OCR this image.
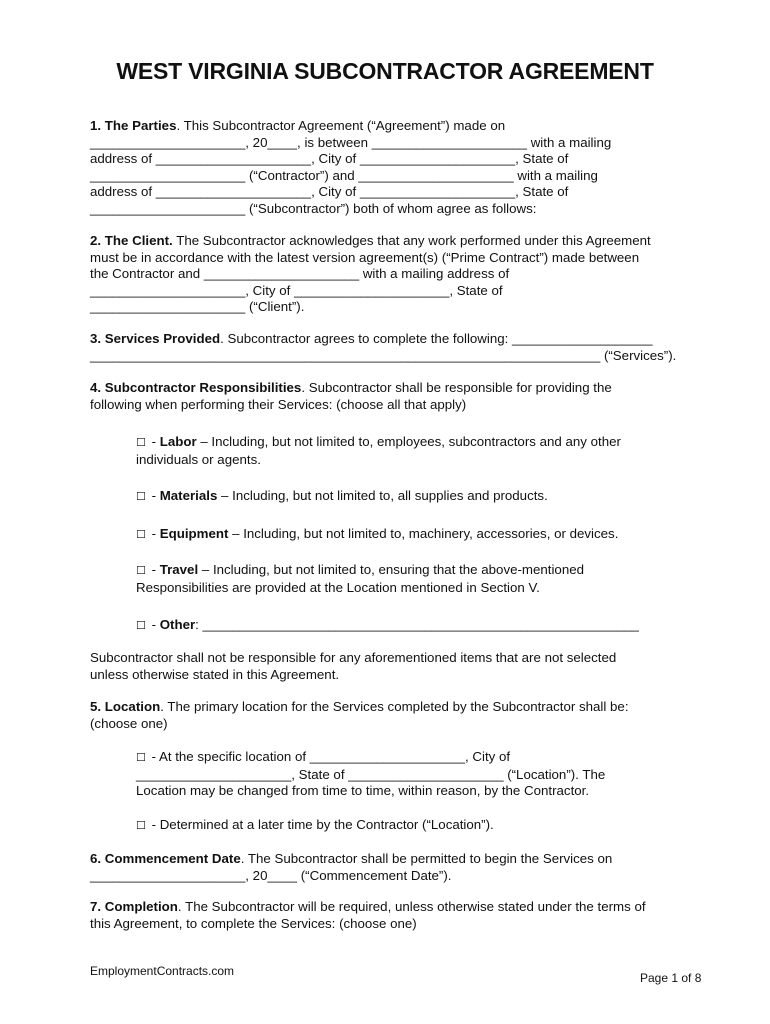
WEST VIRGINIA SUBCONTRACTOR AGREEMENT
1. The Parties. This Subcontractor Agreement (“Agreement”) made on
_____________________, 20____, is between _____________________ with a mailing
address of _____________________, City of _____________________, State of
_____________________ (“Contractor”) and _____________________ with a mailing
address of _____________________, City of _____________________, State of
_____________________ (“Subcontractor”) both of whom agree as follows:
2. The Client. The Subcontractor acknowledges that any work performed under this Agreement
must be in accordance with the latest version agreement(s) (“Prime Contract”) made between
the Contractor and _____________________ with a mailing address of
_____________________, City of _____________________, State of
_____________________ (“Client”).
3. Services Provided. Subcontractor agrees to complete the following: ___________________
_____________________________________________________________________ (“Services”).
4. Subcontractor Responsibilities. Subcontractor shall be responsible for providing the
following when performing their Services: (choose all that apply)
☐ - Labor – Including, but not limited to, employees, subcontractors and any other
individuals or agents.
☐ - Materials – Including, but not limited to, all supplies and products.
☐ - Equipment – Including, but not limited to, machinery, accessories, or devices.
☐ - Travel – Including, but not limited to, ensuring that the above-mentioned
Responsibilities are provided at the Location mentioned in Section V.
☐ - Other: ___________________________________________________________
Subcontractor shall not be responsible for any aforementioned items that are not selected
unless otherwise stated in this Agreement.
5. Location. The primary location for the Services completed by the Subcontractor shall be:
(choose one)
☐ - At the specific location of _____________________, City of
_____________________, State of _____________________ (“Location”). The
Location may be changed from time to time, within reason, by the Contractor.
☐ - Determined at a later time by the Contractor (“Location”).
6. Commencement Date. The Subcontractor shall be permitted to begin the Services on
_____________________, 20____ (“Commencement Date”).
7. Completion. The Subcontractor will be required, unless otherwise stated under the terms of
this Agreement, to complete the Services: (choose one)
EmploymentContracts.com	Page 1 of 8
